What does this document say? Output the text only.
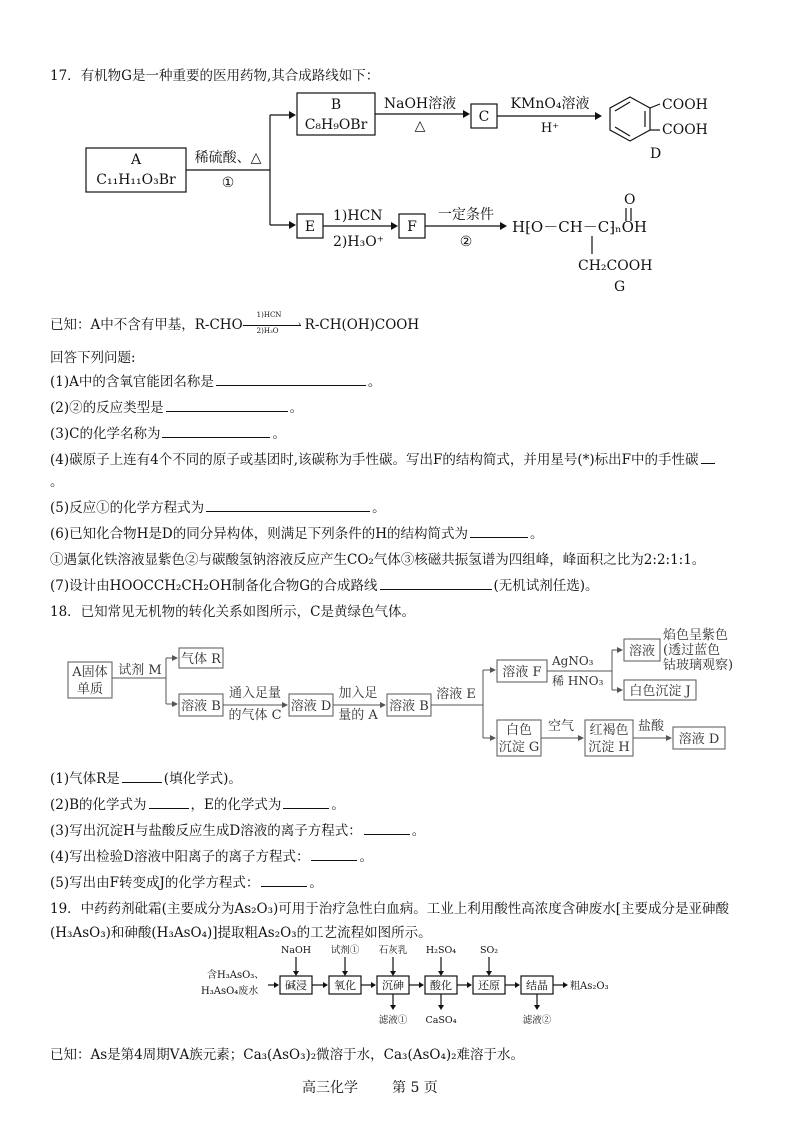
17．有机物G是一种重要的医用药物,其合成路线如下：
A
C₁₁H₁₁O₃Br
稀硫酸、△
①
B
C₈H₉OBr
NaOH溶液
△
C
KMnO₄溶液
H⁺
COOH
COOH
D
E
1)HCN
2)H₃O⁺
F
一定条件
②
H⁅O－CH－C⁆ₙOH
O
CH₂COOH
G
已知：A中不含有甲基，R-CHO
1)HCN
›
2)H₃O R-CH(OH)COOH
回答下列问题:
(1)A中的含氧官能团名称是	。
(2)②的反应类型是	。
(3)C的化学名称为	。
(4)碳原子上连有4个不同的原子或基团时,该碳称为手性碳。写出F的结构简式，并用星号(*)标出F中的手性碳
。
(5)反应①的化学方程式为	。
(6)已知化合物H是D的同分异构体，则满足下列条件的H的结构简式为	。
①遇氯化铁溶液显紫色②与碳酸氢钠溶液反应产生CO₂气体③核磁共振氢谱为四组峰，峰面积之比为2:2:1:1。
(7)设计由HOOCCH₂CH₂OH制备化合物G的合成路线	(无机试剂任选)。
18．已知常见无机物的转化关系如图所示，C是黄绿色气体。
A固体
单质
试剂 M
气体 R
溶液 B
通入足量
的气体 C
溶液 D
加入足
量的 A
溶液 B
溶液 E
溶液 F
AgNO₃
稀 HNO₃
溶液
焰色呈紫色
(透过蓝色
钴玻璃观察)
白色沉淀 J
白色
沉淀 G
空气 红褐色
沉淀 H
盐酸
溶液 D
(1)气体R是	(填化学式)。
(2)B的化学式为	，E的化学式为	。
(3)写出沉淀H与盐酸反应生成D溶液的离子方程式：	。
(4)写出检验D溶液中阳离子的离子方程式：	。
(5)写出由F转变成J的化学方程式：	。
19．中药药剂砒霜(主要成分为As₂O₃)可用于治疗急性白血病。工业上利用酸性高浓度含砷废水[主要成分是亚砷酸
(H₃AsO₃)和砷酸(H₃AsO₄)]提取粗As₂O₃的工艺流程如图所示。
含H₃AsO₃、
H₃AsO₄废水 碱浸 氧化 沉砷 酸化 还原 结晶 粗As₂O₃
NaOH 试剂① 石灰乳 H₂SO₄	SO₂
滤液① CaSO₄	滤液②
已知：As是第4周期ⅤA族元素；Ca₃(AsO₃)₂微溶于水，Ca₃(AsO₄)₂难溶于水。
高三化学 第 5 页
